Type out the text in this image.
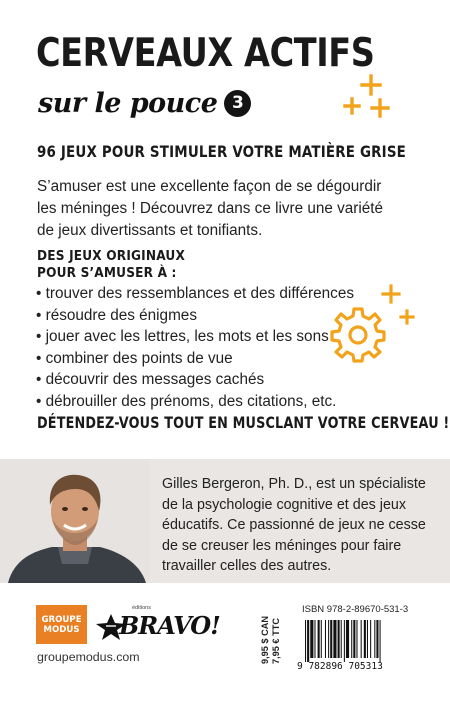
CERVEAUX ACTIFS
sur le pouce 3
96 JEUX POUR STIMULER VOTRE MATIÈRE GRISE

S’amuser est une excellente façon de se dégourdir les méninges ! Découvrez dans ce livre une variété de jeux divertissants et tonifiants.

DES JEUX ORIGINAUX
POUR S’AMUSER À :
• trouver des ressemblances et des différences
• résoudre des énigmes
• jouer avec les lettres, les mots et les sons
• combiner des points de vue
• découvrir des messages cachés
• débrouiller des prénoms, des citations, etc.
DÉTENDEZ-VOUS TOUT EN MUSCLANT VOTRE CERVEAU !

Gilles Bergeron, Ph. D., est un spécialiste de la psychologie cognitive et des jeux éducatifs. Ce passionné de jeux ne cesse de se creuser les méninges pour faire travailler celles des autres.

GROUPE
MODUS
éditions
BRAVO!
groupemodus.com	9,95 $ CAN 7,95 € TTC
ISBN 978-2-89670-531-3
9 782896 705313
